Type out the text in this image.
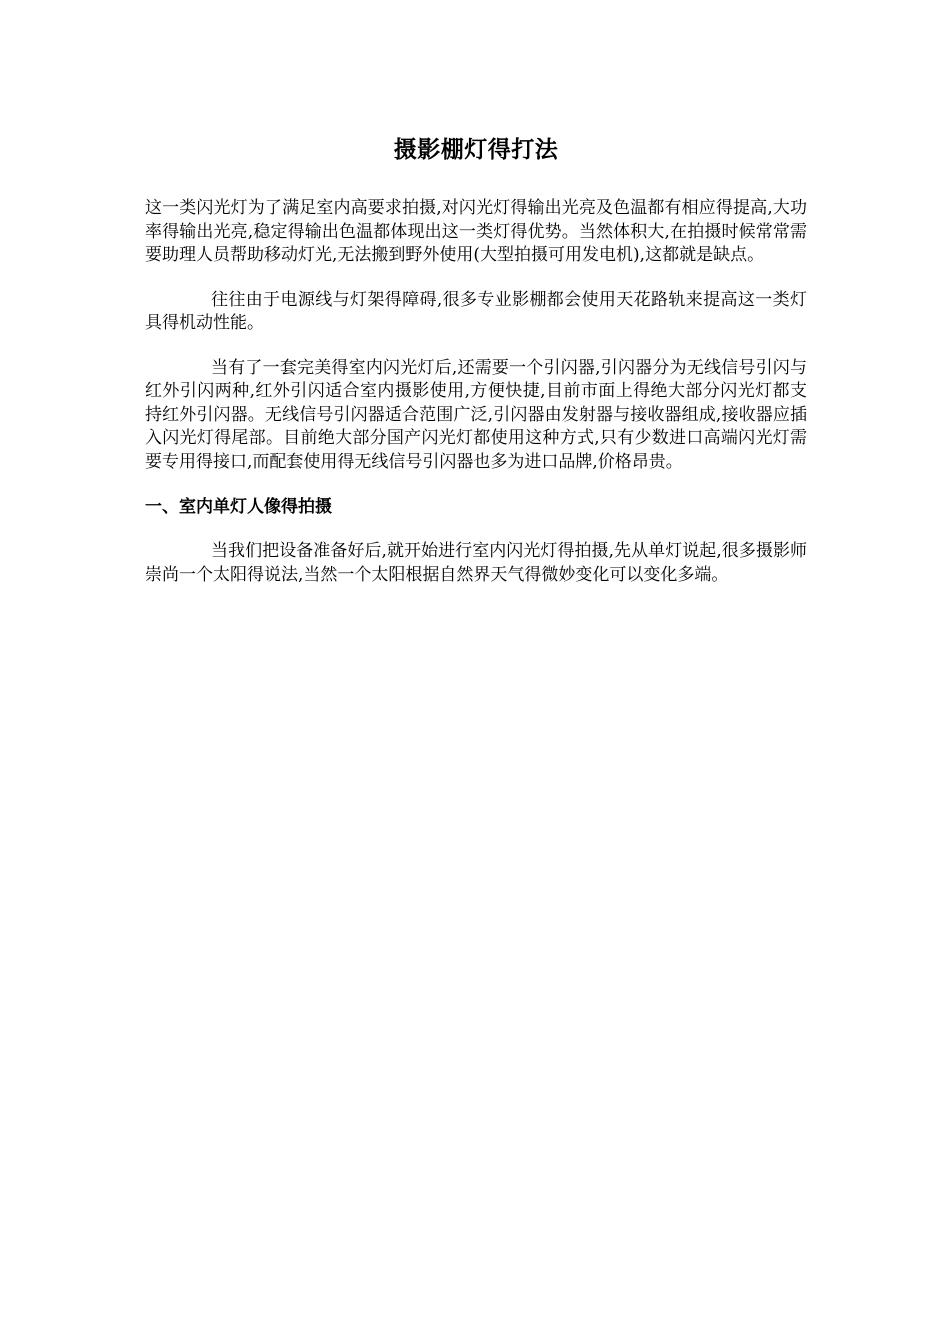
摄影棚灯得打法

这一类闪光灯为了满足室内高要求拍摄,对闪光灯得输出光亮及色温都有相应得提高,大功率得输出光亮,稳定得输出色温都体现出这一类灯得优势。当然体积大,在拍摄时候常常需要助理人员帮助移动灯光,无法搬到野外使用(大型拍摄可用发电机),这都就是缺点。

往往由于电源线与灯架得障碍,很多专业影棚都会使用天花路轨来提高这一类灯具得机动性能。

当有了一套完美得室内闪光灯后,还需要一个引闪器,引闪器分为无线信号引闪与红外引闪两种,红外引闪适合室内摄影使用,方便快捷,目前市面上得绝大部分闪光灯都支持红外引闪器。无线信号引闪器适合范围广泛,引闪器由发射器与接收器组成,接收器应插入闪光灯得尾部。目前绝大部分国产闪光灯都使用这种方式,只有少数进口高端闪光灯需要专用得接口,而配套使用得无线信号引闪器也多为进口品牌,价格昂贵。

一、室内单灯人像得拍摄

当我们把设备准备好后,就开始进行室内闪光灯得拍摄,先从单灯说起,很多摄影师崇尚一个太阳得说法,当然一个太阳根据自然界天气得微妙变化可以变化多端。
